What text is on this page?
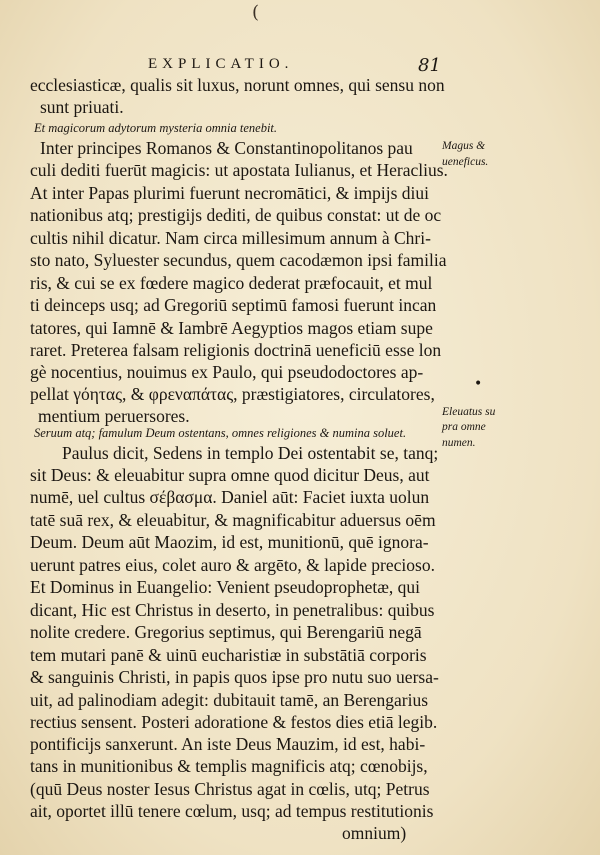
(
EXPLICATIO.	81
ecclesiasticæ, qualis sit luxus, norunt omnes, qui sensu non
sunt priuati.
Et magicorum adytorum mysteria omnia tenebit.
Inter principes Romanos & Constantinopolitanos pau
culi dediti fuerūt magicis: ut apostata Iulianus, et Heraclius.
At inter Papas plurimi fuerunt necromātici, & impijs diui
nationibus atq; prestigijs dediti, de quibus constat: ut de oc
cultis nihil dicatur. Nam circa millesimum annum à Chri-
sto nato, Syluester secundus, quem cacodæmon ipsi familia
ris, & cui se ex fœdere magico dederat præfocauit, et mul
ti deinceps usq; ad Gregoriū septimū famosi fuerunt incan
tatores, qui Iamnē & Iambrē Aegyptios magos etiam supe
raret. Preterea falsam religionis doctrinā ueneficiū esse lon
gè nocentius, nouimus ex Paulo, qui pseudodoctores ap-
pellat γόητας, & φρεναπάτας, præstigiatores, circulatores,
mentium peruersores.
Seruum atq; famulum Deum ostentans, omnes religiones & numina soluet.
Paulus dicit, Sedens in templo Dei ostentabit se, tanq;
sit Deus: & eleuabitur supra omne quod dicitur Deus, aut
numē, uel cultus σέβασμα. Daniel aūt: Faciet iuxta uolun
tatē suā rex, & eleuabitur, & magnificabitur aduersus oēm
Deum. Deum aūt Maozim, id est, munitionū, quē ignora-
uerunt patres eius, colet auro & argēto, & lapide precioso.
Et Dominus in Euangelio: Venient pseudoprophetæ, qui
dicant, Hic est Christus in deserto, in penetralibus: quibus
nolite credere. Gregorius septimus, qui Berengariū negā
tem mutari panē & uinū eucharistiæ in substātiā corporis
& sanguinis Christi, in papis quos ipse pro nutu suo uersa-
uit, ad palinodiam adegit: dubitauit tamē, an Berengarius
rectius sensent. Posteri adoratione & festos dies etiā legib.
pontificijs sanxerunt. An iste Deus Mauzim, id est, habi-
tans in munitionibus & templis magnificis atq; cœnobijs,
(quū Deus noster Iesus Christus agat in cœlis, utq; Petrus
ait, oportet illū tenere cœlum, usq; ad tempus restitutionis
omnium)
Magus &
ueneficus.
Eleuatus su
pra omne
numen.
•
